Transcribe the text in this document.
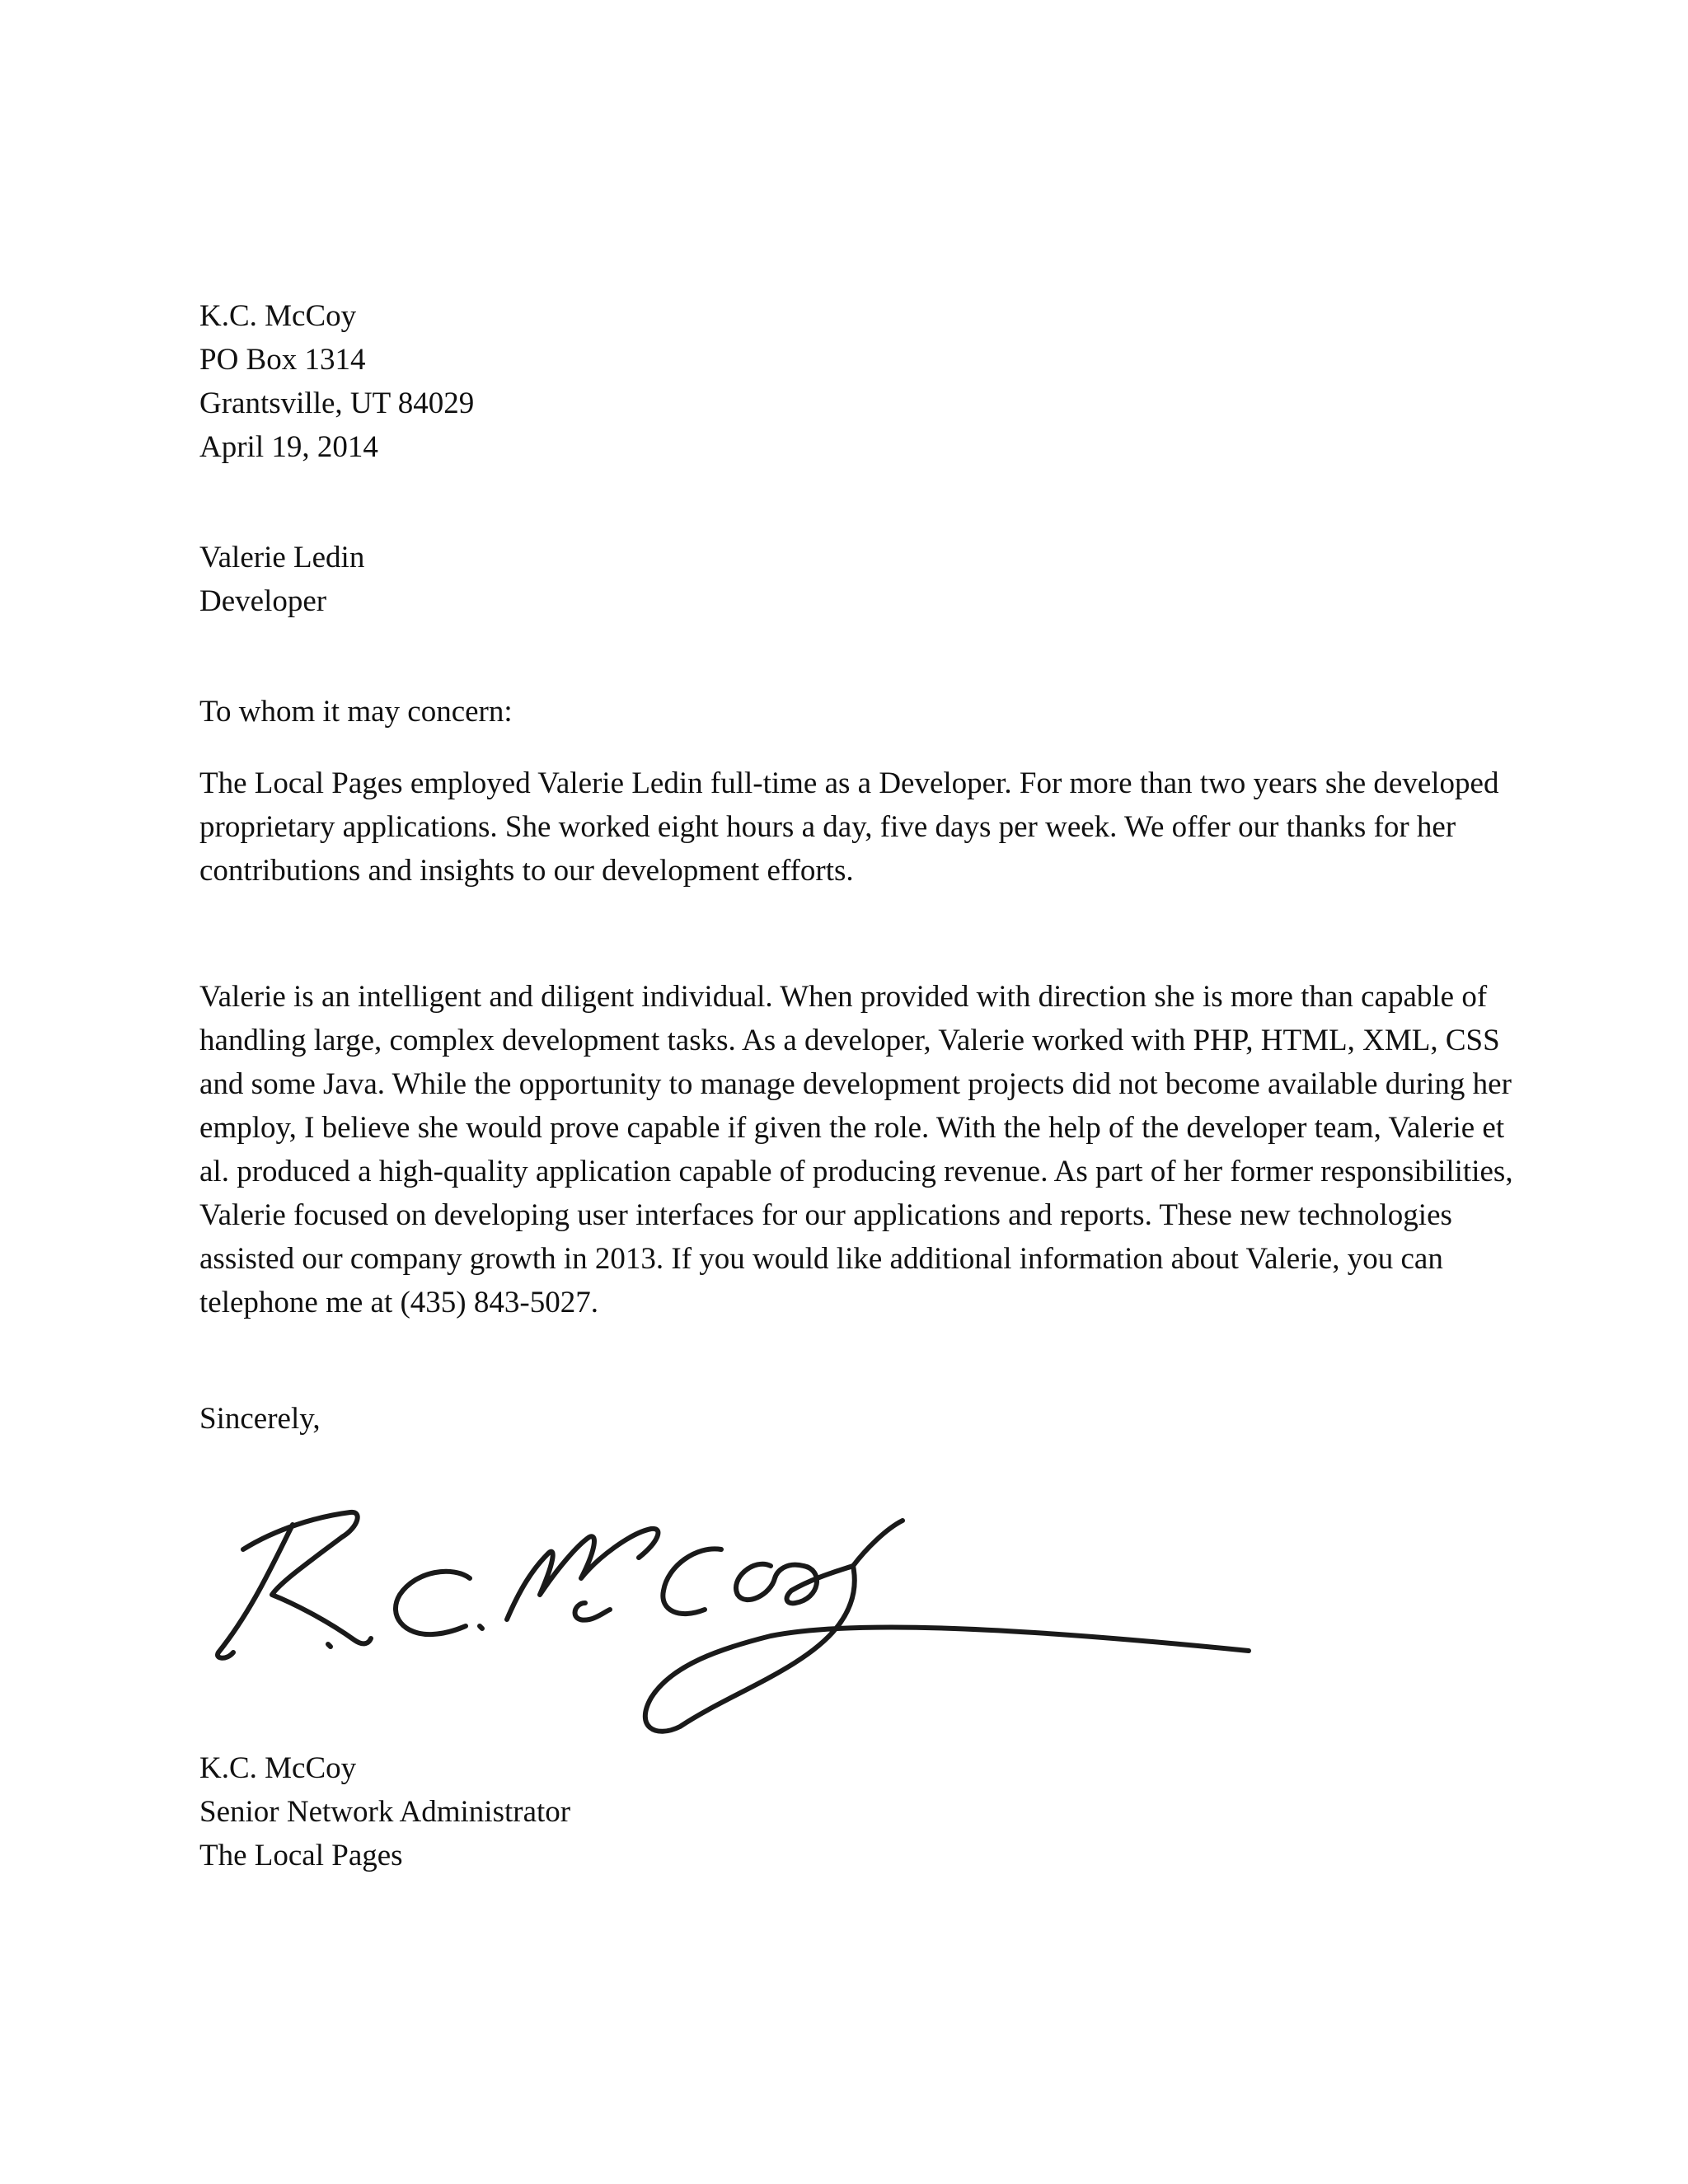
K.C. McCoy
PO Box 1314
Grantsville, UT 84029
April 19, 2014
Valerie Ledin
Developer
To whom it may concern:

The Local Pages employed Valerie Ledin full-time as a Developer. For more than two years she developed proprietary applications. She worked eight hours a day, five days per week. We offer our thanks for her contributions and insights to our development efforts.

Valerie is an intelligent and diligent individual. When provided with direction she is more than capable of handling large, complex development tasks. As a developer, Valerie worked with PHP, HTML, XML, CSS and some Java. While the opportunity to manage development projects did not become available during her employ, I believe she would prove capable if given the role. With the help of the developer team, Valerie et al. produced a high-quality application capable of producing revenue. As part of her former responsibilities, Valerie focused on developing user interfaces for our applications and reports. These new technologies assisted our company growth in 2013. If you would like additional information about Valerie, you can telephone me at (435) 843-5027.

Sincerely,
K.C. McCoy
Senior Network Administrator
The Local Pages
